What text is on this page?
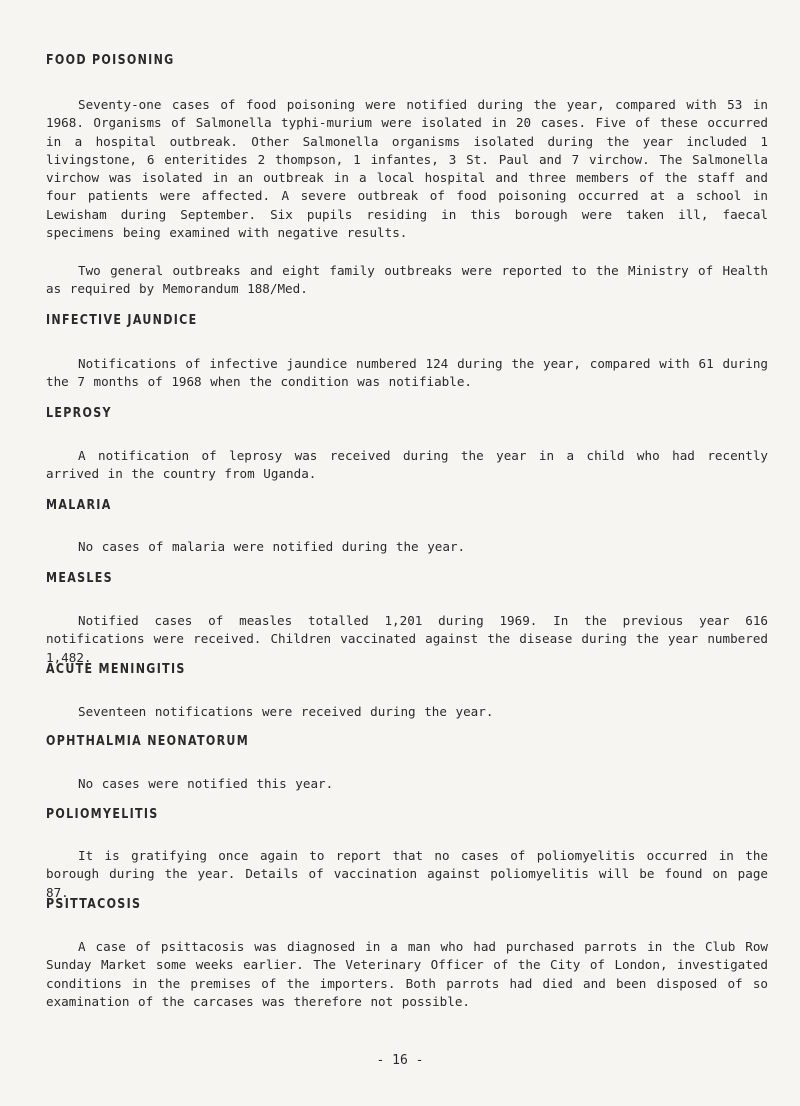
FOOD POISONING

Seventy-one cases of food poisoning were notified during the year, compared with 53 in 1968. Organisms of Salmonella typhi-murium were isolated in 20 cases. Five of these occurred in a hospital outbreak. Other Salmonella organisms isolated during the year included 1 livingstone, 6 enteritides 2 thompson, 1 infantes, 3 St. Paul and 7 virchow. The Salmonella virchow was isolated in an outbreak in a local hospital and three members of the staff and four patients were affected. A severe outbreak of food poisoning occurred at a school in Lewisham during September. Six pupils residing in this borough were taken ill, faecal specimens being examined with negative results.

Two general outbreaks and eight family outbreaks were reported to the Ministry of Health as required by Memorandum 188/Med.

INFECTIVE JAUNDICE

Notifications of infective jaundice numbered 124 during the year, compared with 61 during the 7 months of 1968 when the condition was notifiable.

LEPROSY

A notification of leprosy was received during the year in a child who had recently arrived in the country from Uganda.

MALARIA

No cases of malaria were notified during the year.

MEASLES

Notified cases of measles totalled 1,201 during 1969. In the previous year 616 notifications were received. Children vaccinated against the disease during the year numbered 1,482.

ACUTE MENINGITIS

Seventeen notifications were received during the year.

OPHTHALMIA NEONATORUM

No cases were notified this year.

POLIOMYELITIS

It is gratifying once again to report that no cases of poliomyelitis occurred in the borough during the year. Details of vaccination against poliomyelitis will be found on page 87.

PSITTACOSIS

A case of psittacosis was diagnosed in a man who had purchased parrots in the Club Row Sunday Market some weeks earlier. The Veterinary Officer of the City of London, investigated conditions in the premises of the importers. Both parrots had died and been disposed of so examination of the carcases was therefore not possible.

- 16 -
